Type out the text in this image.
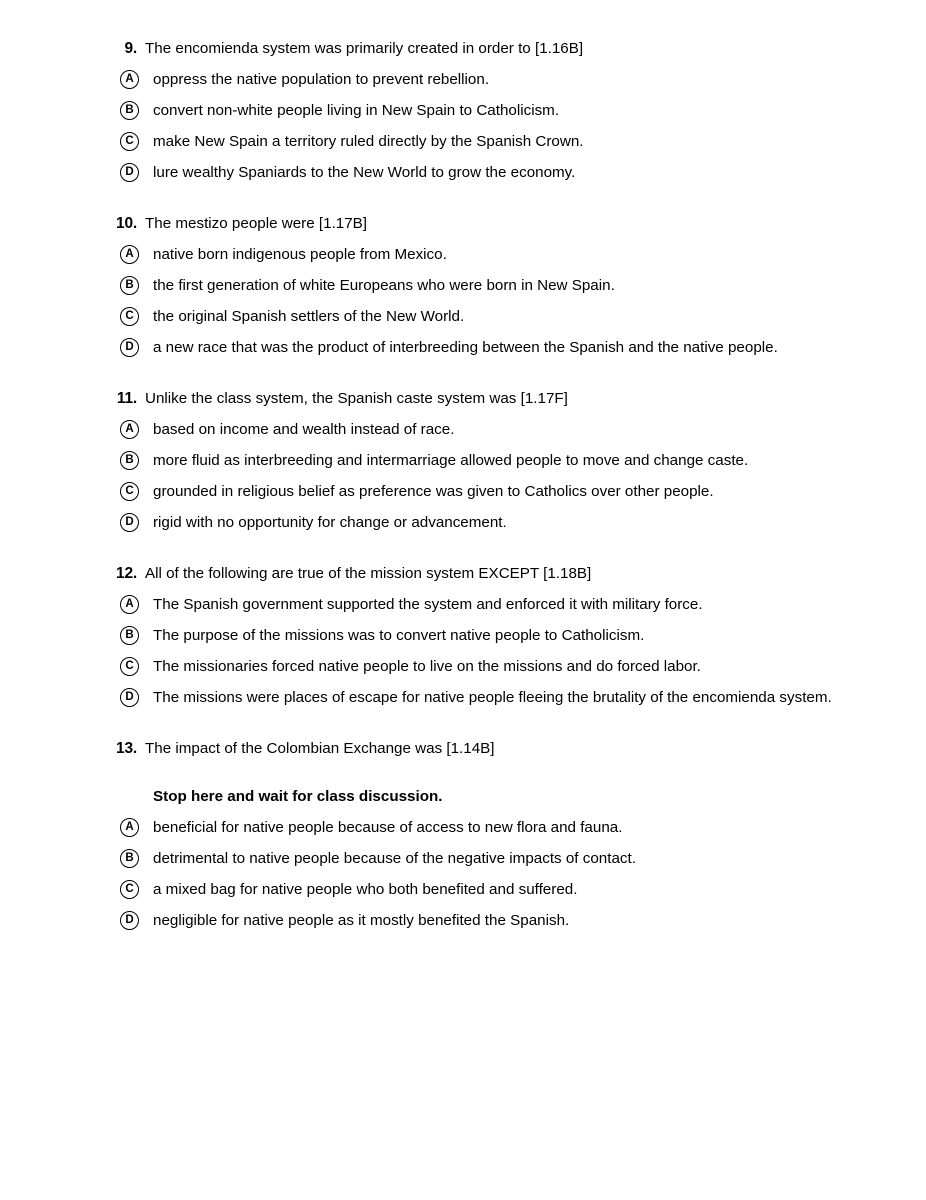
9. The encomienda system was primarily created in order to [1.16B]
A	oppress the native population to prevent rebellion.
B	convert non-white people living in New Spain to Catholicism.
C	make New Spain a territory ruled directly by the Spanish Crown.
D	lure wealthy Spaniards to the New World to grow the economy.
10. The mestizo people were [1.17B]
A	native born indigenous people from Mexico.
B	the first generation of white Europeans who were born in New Spain.
C	the original Spanish settlers of the New World.
D	a new race that was the product of interbreeding between the Spanish and the native people.
11. Unlike the class system, the Spanish caste system was [1.17F]
A	based on income and wealth instead of race.
B	more fluid as interbreeding and intermarriage allowed people to move and change caste.
C	grounded in religious belief as preference was given to Catholics over other people.
D	rigid with no opportunity for change or advancement.
12. All of the following are true of the mission system EXCEPT [1.18B]
A	The Spanish government supported the system and enforced it with military force.
B	The purpose of the missions was to convert native people to Catholicism.
C	The missionaries forced native people to live on the missions and do forced labor.
D	The missions were places of escape for native people fleeing the brutality of the encomienda system.
13. The impact of the Colombian Exchange was [1.14B]
Stop here and wait for class discussion.
A	beneficial for native people because of access to new flora and fauna.
B	detrimental to native people because of the negative impacts of contact.
C	a mixed bag for native people who both benefited and suffered.
D	negligible for native people as it mostly benefited the Spanish.
